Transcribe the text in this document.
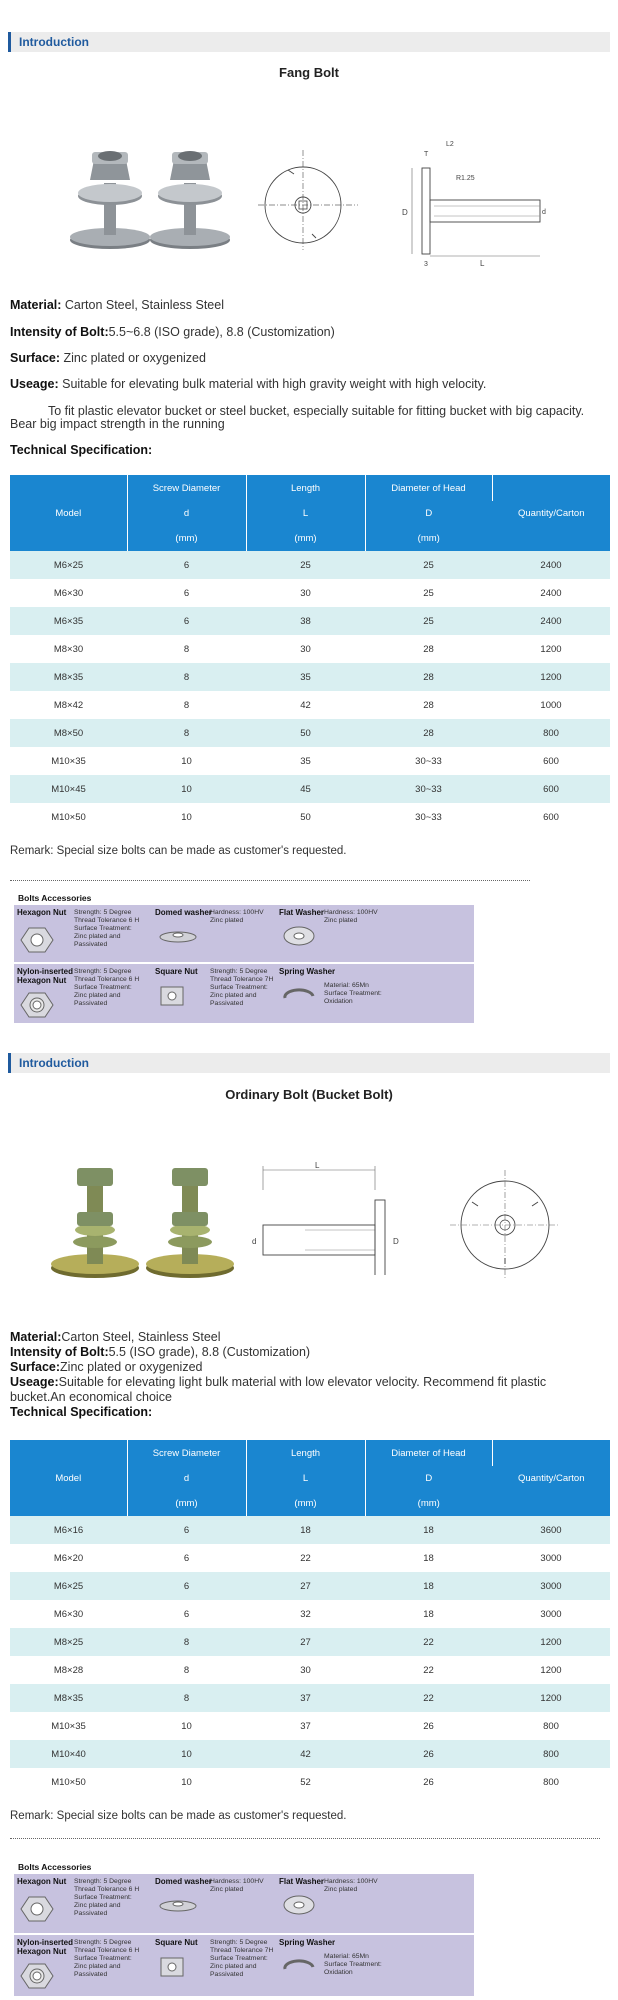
Introduction
Fang Bolt
D	d
R1.25
T
L2
L
3
Material: Carton Steel, Stainless Steel
Intensity of Bolt:5.5~6.8 (ISO grade), 8.8 (Customization)
Surface: Zinc plated or oxygenized
Useage: Suitable for elevating bulk material with high gravity weight with high velocity.
To fit plastic elevator bucket or steel bucket, especially suitable for fitting bucket with big capacity. Bear big impact strength in the running
Technical Specification:
Model	Screw Diameter	Length	Diameter of Head	Quantity/Carton
	d	L	D	
	(mm)	(mm)	(mm)	
M6×25	6	25	25	2400
M6×30	6	30	25	2400
M6×35	6	38	25	2400
M8×30	8	30	28	1200
M8×35	8	35	28	1200
M8×42	8	42	28	1000
M8×50	8	50	28	800
M10×35	10	35	30~33	600
M10×45	10	45	30~33	600
M10×50	10	50	30~33	600
Remark: Special size bolts can be made as customer's requested.
Bolts Accessories
Hexagon Nut	Strength: 5 Degree
Thread Tolerance 6 H
Surface Treatment:
Zinc plated and Passivated
Domed washer
Hardness: 100HV
Zinc plated
Flat Washer Hardness: 100HV
Zinc plated
Nylon-inserted Hexagon Nut
Strength: 5 Degree
Thread Tolerance 6 H
Surface Treatment:
Zinc plated and Passivated
Square Nut	Strength: 5 Degree
Thread Tolerance 7H
Surface Treatment:
Zinc plated and
Passivated
Spring Washer
Material: 65Mn
Surface Treatment:
Oxidation
Introduction
Ordinary Bolt (Bucket Bolt)
L
d	D
Material:Carton Steel, Stainless Steel
Intensity of Bolt:5.5 (ISO grade), 8.8 (Customization)
Surface:Zinc plated or oxygenized
Useage:Suitable for elevating light bulk material with low elevator velocity. Recommend fit plastic bucket.An economical choice
Technical Specification:
Model	Screw Diameter	Length	Diameter of Head	Quantity/Carton
	d	L	D	
	(mm)	(mm)	(mm)	
M6×16	6	18	18	3600
M6×20	6	22	18	3000
M6×25	6	27	18	3000
M6×30	6	32	18	3000
M8×25	8	27	22	1200
M8×28	8	30	22	1200
M8×35	8	37	22	1200
M10×35	10	37	26	800
M10×40	10	42	26	800
M10×50	10	52	26	800
Remark: Special size bolts can be made as customer's requested.
Bolts Accessories
Hexagon Nut	Strength: 5 Degree
Thread Tolerance 6 H
Surface Treatment:
Zinc plated and Passivated
Domed washer
Hardness: 100HV
Zinc plated
Flat Washer Hardness: 100HV
Zinc plated
Nylon-inserted Hexagon Nut
Strength: 5 Degree
Thread Tolerance 6 H
Surface Treatment:
Zinc plated and Passivated
Square Nut	Strength: 5 Degree
Thread Tolerance 7H
Surface Treatment:
Zinc plated and
Passivated
Spring Washer
Material: 65Mn
Surface Treatment:
Oxidation
